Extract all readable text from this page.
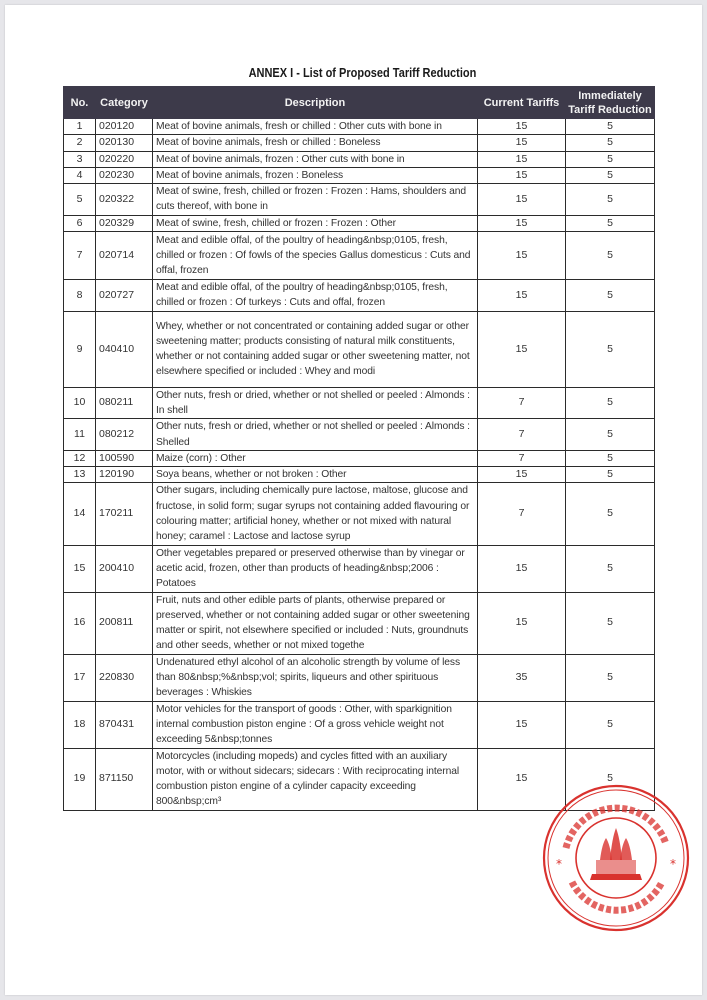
ANNEX I - List of Proposed Tariff Reduction
No.	Category	Description	Current Tariffs	Immediately
Tariff Reduction
1	020120	Meat of bovine animals, fresh or chilled : Other cuts with bone in	15	5
2	020130	Meat of bovine animals, fresh or chilled : Boneless	15	5
3	020220	Meat of bovine animals, frozen : Other cuts with bone in	15	5
4	020230	Meat of bovine animals, frozen : Boneless	15	5
5	020322	Meat of swine, fresh, chilled or frozen : Frozen : Hams, shoulders and cuts thereof, with bone in	15	5
6	020329	Meat of swine, fresh, chilled or frozen : Frozen : Other	15	5
7	020714	Meat and edible offal, of the poultry of heading&nbsp;0105, fresh, chilled or frozen : Of fowls of the species Gallus domesticus : Cuts and offal, frozen	15	5
8	020727	Meat and edible offal, of the poultry of heading&nbsp;0105, fresh, chilled or frozen : Of turkeys : Cuts and offal, frozen	15	5
9	040410	Whey, whether or not concentrated or containing added sugar or other sweetening matter; products consisting of natural milk constituents, whether or not containing added sugar or other sweetening matter, not elsewhere specified or included : Whey and modi	15	5
10	080211	Other nuts, fresh or dried, whether or not shelled or peeled : Almonds : In shell	7	5
11	080212	Other nuts, fresh or dried, whether or not shelled or peeled : Almonds : Shelled	7	5
12	100590	Maize (corn) : Other	7	5
13	120190	Soya beans, whether or not broken : Other	15	5
14	170211	Other sugars, including chemically pure lactose, maltose, glucose and fructose, in solid form; sugar syrups not containing added flavouring or colouring matter; artificial honey, whether or not mixed with natural honey; caramel : Lactose and lactose syrup	7	5
15	200410	Other vegetables prepared or preserved otherwise than by vinegar or acetic acid, frozen, other than products of heading&nbsp;2006 : Potatoes	15	5
16	200811	Fruit, nuts and other edible parts of plants, otherwise prepared or preserved, whether or not containing added sugar or other sweetening matter or spirit, not elsewhere specified or included : Nuts, groundnuts and other seeds, whether or not mixed togethe	15	5
17	220830	Undenatured ethyl alcohol of an alcoholic strength by volume of less than 80&nbsp;%&nbsp;vol; spirits, liqueurs and other spirituous beverages : Whiskies	35	5
18	870431	Motor vehicles for the transport of goods : Other, with sparkignition internal combustion piston engine : Of a gross vehicle weight not exceeding 5&nbsp;tonnes	15	5
19	871150	Motorcycles (including mopeds) and cycles fitted with an auxiliary motor, with or without sidecars; sidecars : With reciprocating internal combustion piston engine of a cylinder capacity exceeding 800&nbsp;cm³	15	5
*	*
